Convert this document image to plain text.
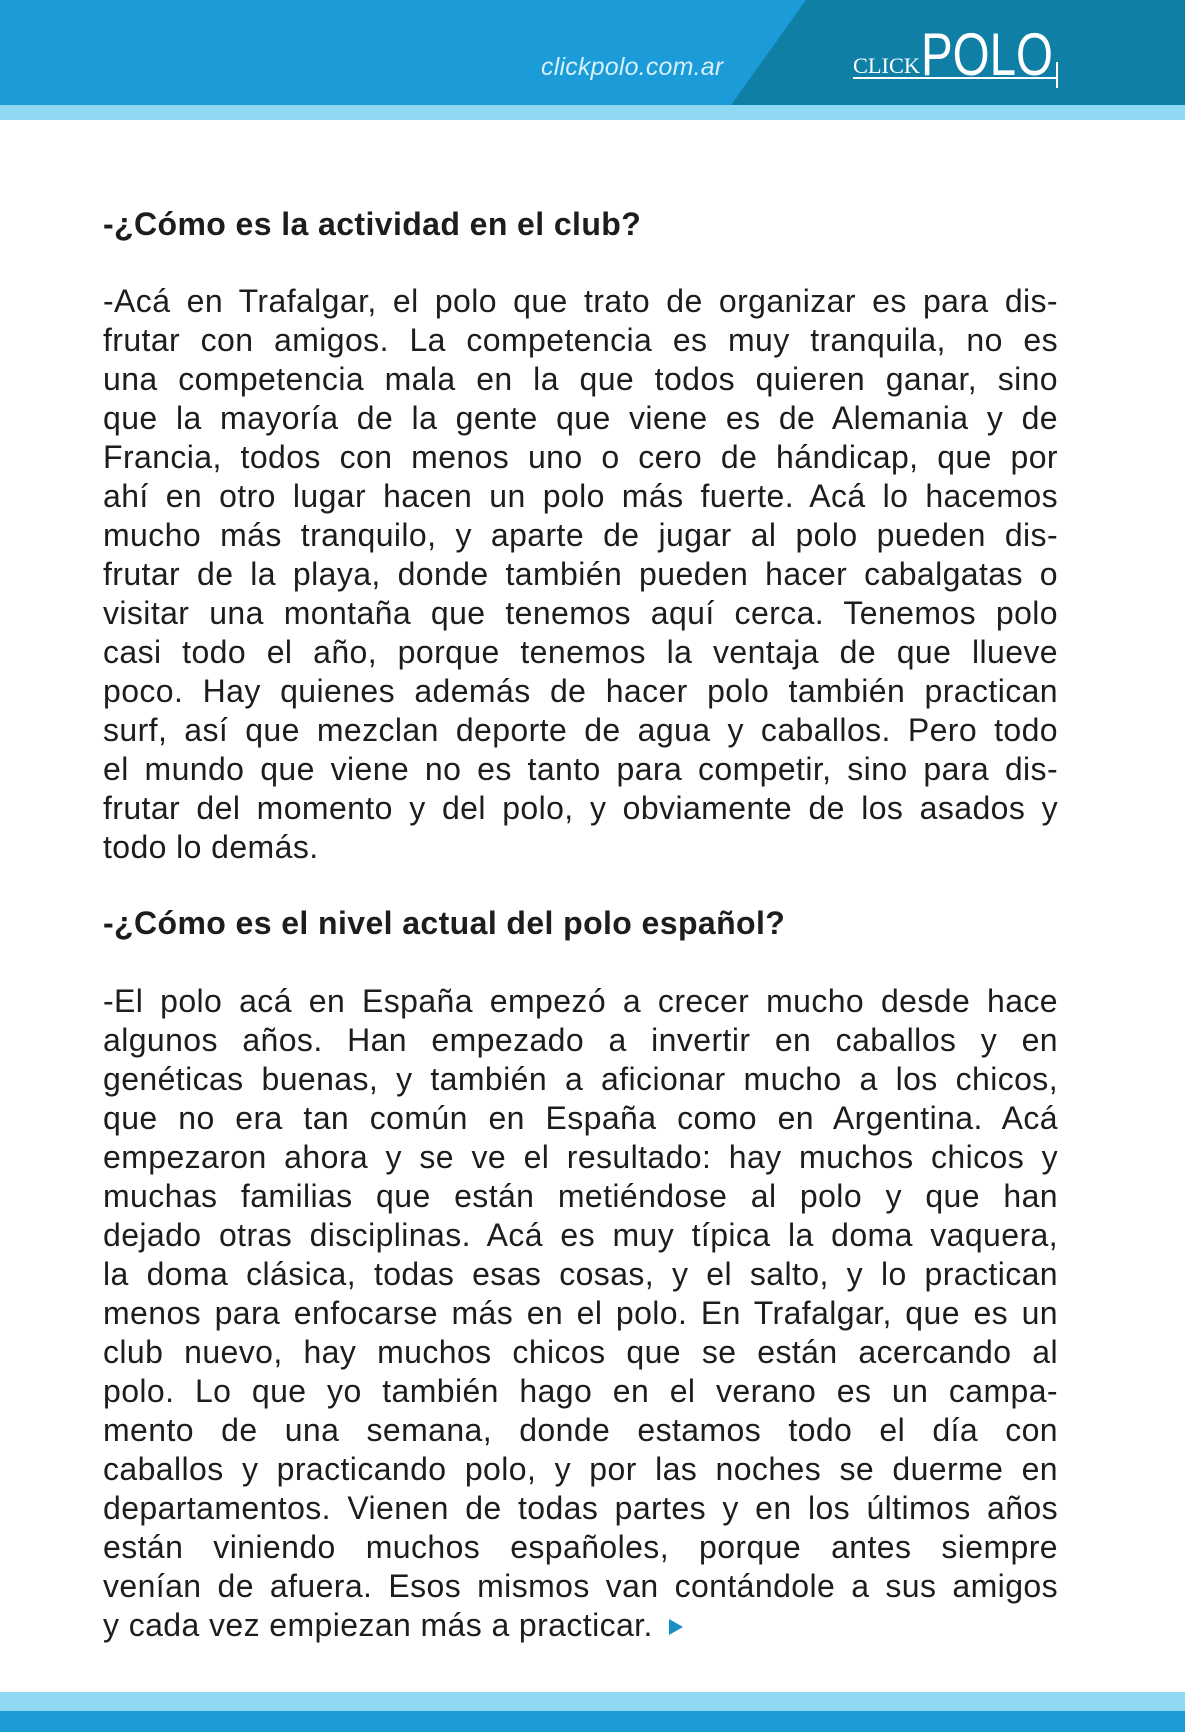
clickpolo.com.ar	CLICK POLO
-¿Cómo es la actividad en el club?
-Acá en Trafalgar, el polo que trato de organizar es para dis-
frutar con amigos. La competencia es muy tranquila, no es
una competencia mala en la que todos quieren ganar, sino
que la mayoría de la gente que viene es de Alemania y de
Francia, todos con menos uno o cero de hándicap, que por
ahí en otro lugar hacen un polo más fuerte. Acá lo hacemos
mucho más tranquilo, y aparte de jugar al polo pueden dis-
frutar de la playa, donde también pueden hacer cabalgatas o
visitar una montaña que tenemos aquí cerca. Tenemos polo
casi todo el año, porque tenemos la ventaja de que llueve
poco. Hay quienes además de hacer polo también practican
surf, así que mezclan deporte de agua y caballos. Pero todo
el mundo que viene no es tanto para competir, sino para dis-
frutar del momento y del polo, y obviamente de los asados y
todo lo demás.
-¿Cómo es el nivel actual del polo español?
-El polo acá en España empezó a crecer mucho desde hace
algunos años. Han empezado a invertir en caballos y en
genéticas buenas, y también a aficionar mucho a los chicos,
que no era tan común en España como en Argentina. Acá
empezaron ahora y se ve el resultado: hay muchos chicos y
muchas familias que están metiéndose al polo y que han
dejado otras disciplinas. Acá es muy típica la doma vaquera,
la doma clásica, todas esas cosas, y el salto, y lo practican
menos para enfocarse más en el polo. En Trafalgar, que es un
club nuevo, hay muchos chicos que se están acercando al
polo. Lo que yo también hago en el verano es un campa-
mento de una semana, donde estamos todo el día con
caballos y practicando polo, y por las noches se duerme en
departamentos. Vienen de todas partes y en los últimos años
están viniendo muchos españoles, porque antes siempre
venían de afuera. Esos mismos van contándole a sus amigos
y cada vez empiezan más a practicar.
